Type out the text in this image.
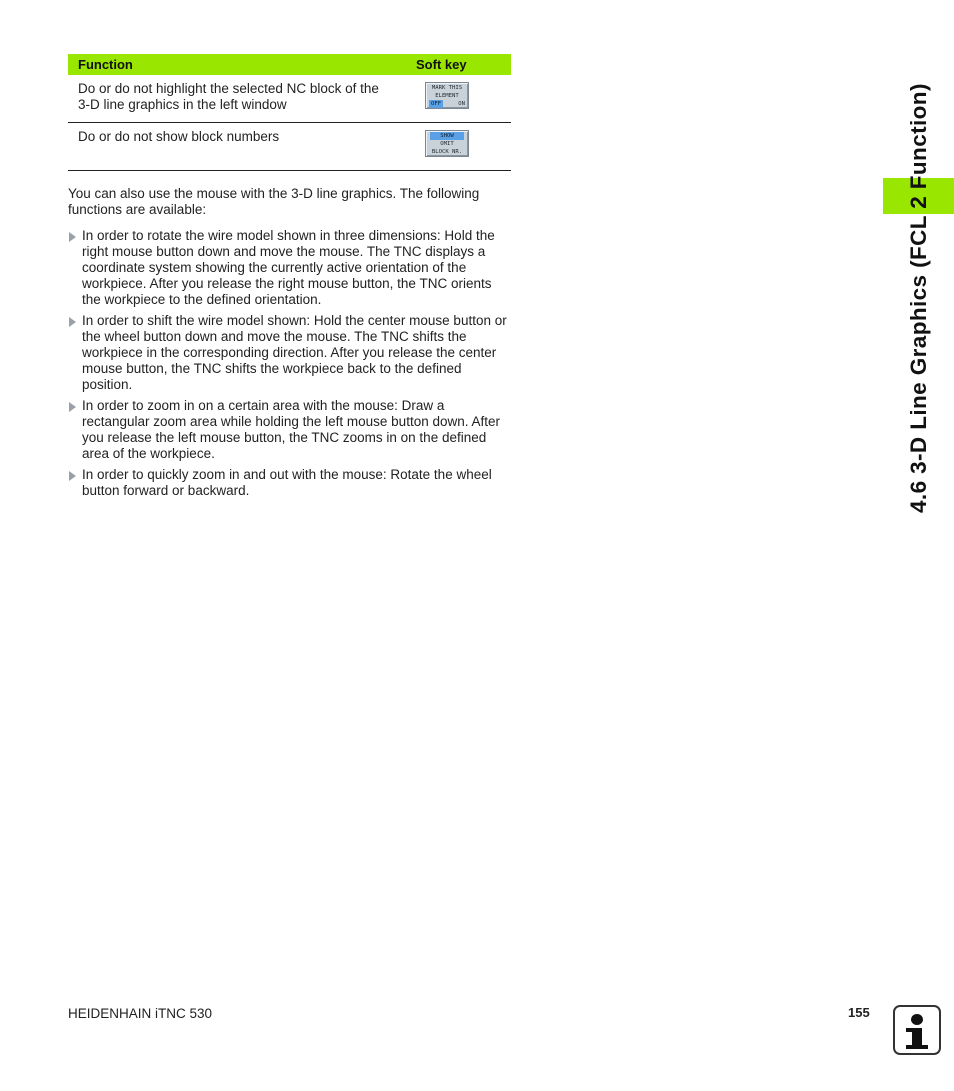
Function	Soft key
Do or do not highlight the selected NC block of the 3-D line graphics in the left window	MARK THIS
ELEMENT
OFF ON

Do or do not show block numbers	SHOW
OMIT
BLOCK NR.

You can also use the mouse with the 3-D line graphics. The following functions are available:

In order to rotate the wire model shown in three dimensions: Hold the right mouse button down and move the mouse. The TNC displays a coordinate system showing the currently active orientation of the workpiece. After you release the right mouse button, the TNC orients the workpiece to the defined orientation.
In order to shift the wire model shown: Hold the center mouse button or the wheel button down and move the mouse. The TNC shifts the workpiece in the corresponding direction. After you release the center mouse button, the TNC shifts the workpiece back to the defined position.
In order to zoom in on a certain area with the mouse: Draw a rectangular zoom area while holding the left mouse button down. After you release the left mouse button, the TNC zooms in on the defined area of the workpiece.
In order to quickly zoom in and out with the mouse: Rotate the wheel button forward or backward.	4.6 3-D Line Graphics (FCL 2 Function)
HEIDENHAIN iTNC 530	155
